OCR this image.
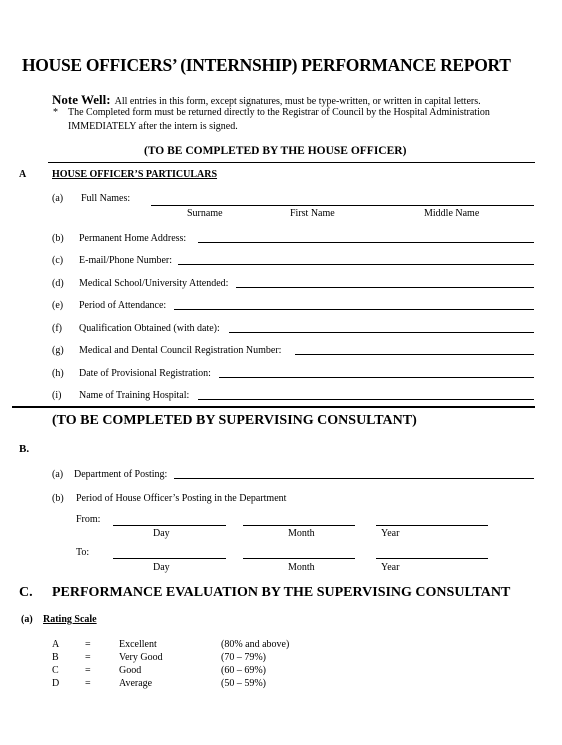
HOUSE OFFICERS’ (INTERNSHIP) PERFORMANCE REPORT
Note Well: All entries in this form, except signatures, must be type-written, or written in capital letters.
* The Completed form must be returned directly to the Registrar of Council by the Hospital Administration
IMMEDIATELY after the intern is signed.
(TO BE COMPLETED BY THE HOUSE OFFICER)
A	HOUSE OFFICER’S PARTICULARS
(a) Full Names:
Surname	First Name	Middle Name
(b) Permanent Home Address:
(c) E-mail/Phone Number:
(d) Medical School/University Attended:
(e) Period of Attendance:
(f) Qualification Obtained (with date):
(g) Medical and Dental Council Registration Number:
(h) Date of Provisional Registration:
(i) Name of Training Hospital:
(TO BE COMPLETED BY SUPERVISING CONSULTANT)
B.
(a) Department of Posting:
(b) Period of House Officer’s Posting in the Department
From:
Day	Month	Year
To:
Day	Month	Year
C. PERFORMANCE EVALUATION BY THE SUPERVISING CONSULTANT
(a) Rating Scale
A	=	Excellent	(80% and above)
B	=	Very Good	(70 – 79%)
C	=	Good	(60 – 69%)
D	=	Average	(50 – 59%)
